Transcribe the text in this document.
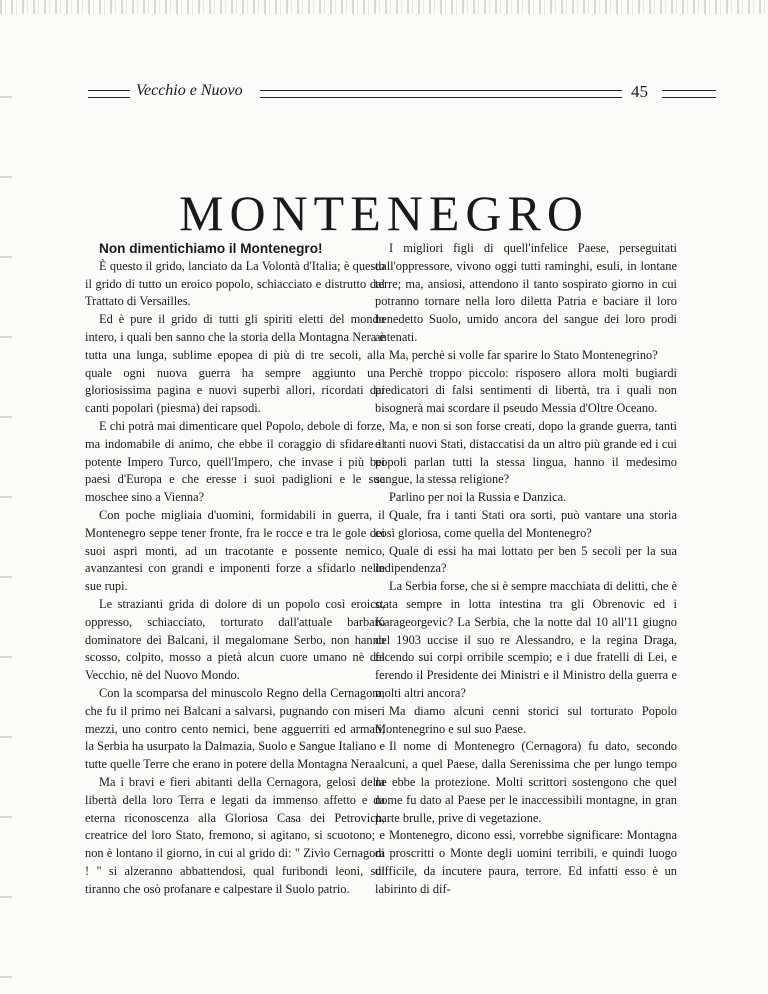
Vecchio e Nuovo	45
MONTENEGRO

Non dimentichiamo il Montenegro!

È questo il grido, lanciato da La Volontà d'Italia; è questo il grido di tutto un eroico popolo, schiacciato e distrutto dal Trattato di Versailles.

Ed è pure il grido di tutti gli spiriti eletti del mondo intero, i quali ben sanno che la storia della Montagna Nera è tutta una lunga, sublime epopea di più di tre secoli, alla quale ogni nuova guerra ha sempre aggiunto una gloriosissima pagina e nuovi superbi allori, ricordati dai canti popolari (piesma) dei rapsodi.

E chi potrà mai dimenticare quel Popolo, debole di forze, ma indomabile di animo, che ebbe il coraggio di sfidare il potente Impero Turco, quell'Impero, che invase i più bei paesi d'Europa e che eresse i suoi padiglioni e le sue moschee sino a Vienna?

Con poche migliaia d'uomini, formidabili in guerra, il Montenegro seppe tener fronte, fra le rocce e tra le gole dei suoi aspri monti, ad un tracotante e possente nemico, avanzantesi con grandi e imponenti forze a sfidarlo nelle sue rupi.

Le strazianti grida di dolore di un popolo così eroico, oppresso, schiacciato, torturato dall'attuale barbaro dominatore dei Balcani, il megalomane Serbo, non hanno scosso, colpito, mosso a pietà alcun cuore umano nè del Vecchio, nè del Nuovo Mondo.

Con la scomparsa del minuscolo Regno della Cernagora, che fu il primo nei Balcani a salvarsi, pugnando con miseri mezzi, uno contro cento nemici, bene agguerriti ed armati, la Serbia ha usurpato la Dalmazia, Suolo e Sangue Italiano e tutte quelle Terre che erano in potere della Montagna Nera.

Ma i bravi e fieri abitanti della Cernagora, gelosi della libertà della loro Terra e legati da immenso affetto e da eterna riconoscenza alla Gloriosa Casa dei Petrovich, creatrice del loro Stato, fremono, si agitano, si scuotono; e non è lontano il giorno, in cui al grido di: " Zivìo Cernagora ! " si alzeranno abbattendosi, qual furibondi leoni, sul tiranno che osò profanare e calpestare il Suolo patrio.

I migliori figli di quell'infelice Paese, perseguitati dall'oppressore, vivono oggi tutti raminghi, esuli, in lontane terre; ma, ansiosi, attendono il tanto sospirato giorno in cui potranno tornare nella loro diletta Patria e baciare il loro benedetto Suolo, umido ancora del sangue dei loro prodi antenati.

Ma, perchè si volle far sparire lo Stato Montenegrino?

Perchè troppo piccolo: risposero allora molti bugiardi predicatori di falsi sentimenti di libertà, tra i quali non bisognerà mai scordare il pseudo Messia d'Oltre Oceano.

Ma, e non si son forse creati, dopo la grande guerra, tanti e tanti nuovi Stati, distaccatisi da un altro più grande ed i cui popoli parlan tutti la stessa lingua, hanno il medesimo sangue, la stessa religione?

Parlino per noi la Russia e Danzica.

Quale, fra i tanti Stati ora sorti, può vantare una storia così gloriosa, come quella del Montenegro?

Quale di essi ha mai lottato per ben 5 secoli per la sua indipendenza?

La Serbia forse, che si è sempre macchiata di delitti, che è stata sempre in lotta intestina tra gli Obrenovic ed i Karageorgevic? La Serbia, che la notte dal 10 all'11 giugno del 1903 uccise il suo re Alessandro, e la regina Draga, facendo sui corpi orribile scempio; e i due fratelli di Lei, e ferendo il Presidente dei Ministri e il Ministro della guerra e molti altri ancora?

Ma diamo alcuni cenni storici sul torturato Popolo Montenegrino e sul suo Paese.

Il nome di Montenegro (Cernagora) fu dato, secondo alcuni, a quel Paese, dalla Serenissima che per lungo tempo ne ebbe la protezione. Molti scrittori sostengono che quel nome fu dato al Paese per le inaccessibili montagne, in gran parte brulle, prive di vegetazione.

Montenegro, dicono essi, vorrebbe significare: Montagna di proscritti o Monte degli uomini terribili, e quindi luogo difficile, da incutere paura, terrore. Ed infatti esso è un labirinto di dif-
